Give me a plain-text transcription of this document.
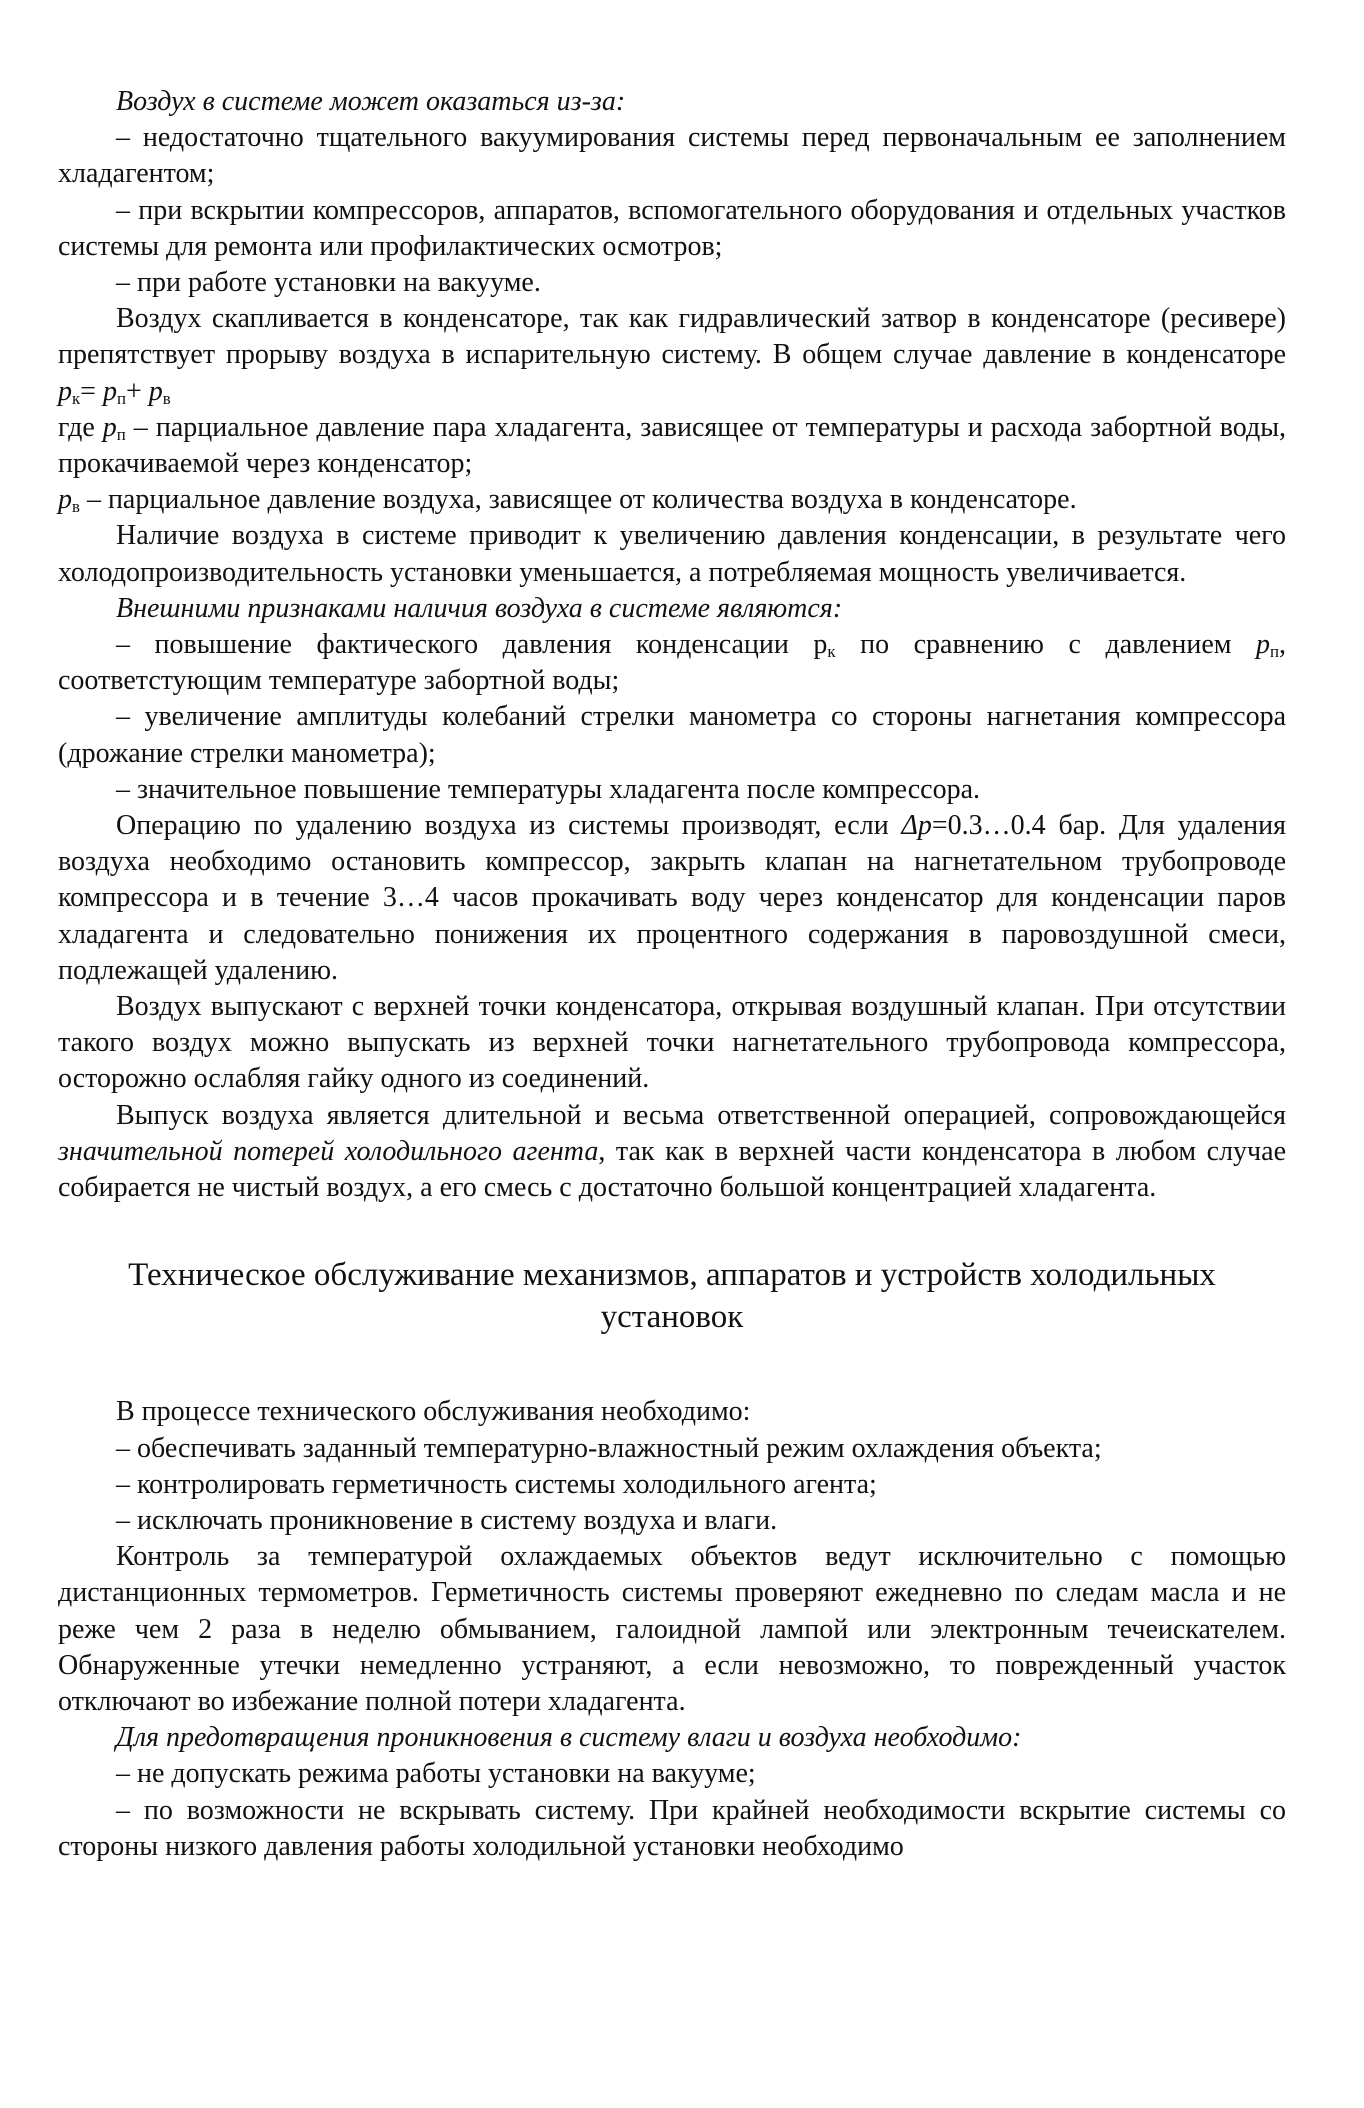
Воздух в системе может оказаться из-за:

– недостаточно тщательного вакуумирования системы перед первоначальным ее заполнением хладагентом;

– при вскрытии компрессоров, аппаратов, вспомогательного оборудования и отдельных участков системы для ремонта или профилактических осмотров;

– при работе установки на вакууме.

Воздух скапливается в конденсаторе, так как гидравлический затвор в конденсаторе (ресивере) препятствует прорыву воздуха в испарительную систему. В общем случае давление в конденсаторе $p_к= p_п+ p_в$

где $p_п$ – парциальное давление пара хладагента, зависящее от температуры и расхода забортной воды, прокачиваемой через конденсатор;

$p_в$ – парциальное давление воздуха, зависящее от количества воздуха в конденсаторе.

Наличие воздуха в системе приводит к увеличению давления конденсации, в результате чего холодопроизводительность установки уменьшается, а потребляемая мощность увеличивается.

Внешними признаками наличия воздуха в системе являются:

– повышение фактического давления конденсации $р_к$ по сравнению с давлением $p_п$, соответстующим температуре забортной воды;

– увеличение амплитуды колебаний стрелки манометра со стороны нагнетания компрессора (дрожание стрелки манометра);

– значительное повышение температуры хладагента после компрессора.

Операцию по удалению воздуха из системы производят, если Δp=0.3…0.4 бар. Для удаления воздуха необходимо остановить компрессор, закрыть клапан на нагнетательном трубопроводе компрессора и в течение 3…4 часов прокачивать воду через конденсатор для конденсации паров хладагента и следовательно понижения их процентного содержания в паровоздушной смеси, подлежащей удалению.

Воздух выпускают с верхней точки конденсатора, открывая воздушный клапан. При отсутствии такого воздух можно выпускать из верхней точки нагнетательного трубопровода компрессора, осторожно ослабляя гайку одного из соединений.

Выпуск воздуха является длительной и весьма ответственной операцией, сопровождающейся значительной потерей холодильного агента, так как в верхней части конденсатора в любом случае собирается не чистый воздух, а его смесь с достаточно большой концентрацией хладагента.

Техническое обслуживание механизмов, аппаратов и устройств холодильных установок

В процессе технического обслуживания необходимо:

– обеспечивать заданный температурно-влажностный режим охлаждения объекта;

– контролировать герметичность системы холодильного агента;

– исключать проникновение в систему воздуха и влаги.

Контроль за температурой охлаждаемых объектов ведут исключительно с помощью дистанционных термометров. Герметичность системы проверяют ежедневно по следам масла и не реже чем 2 раза в неделю обмыванием, галоидной лампой или электронным течеискателем. Обнаруженные утечки немедленно устраняют, а если невозможно, то поврежденный участок отключают во избежание полной потери хладагента.

Для предотвращения проникновения в систему влаги и воздуха необходимо:

– не допускать режима работы установки на вакууме;

– по возможности не вскрывать систему. При крайней необходимости вскрытие системы со стороны низкого давления работы холодильной установки необходимо
